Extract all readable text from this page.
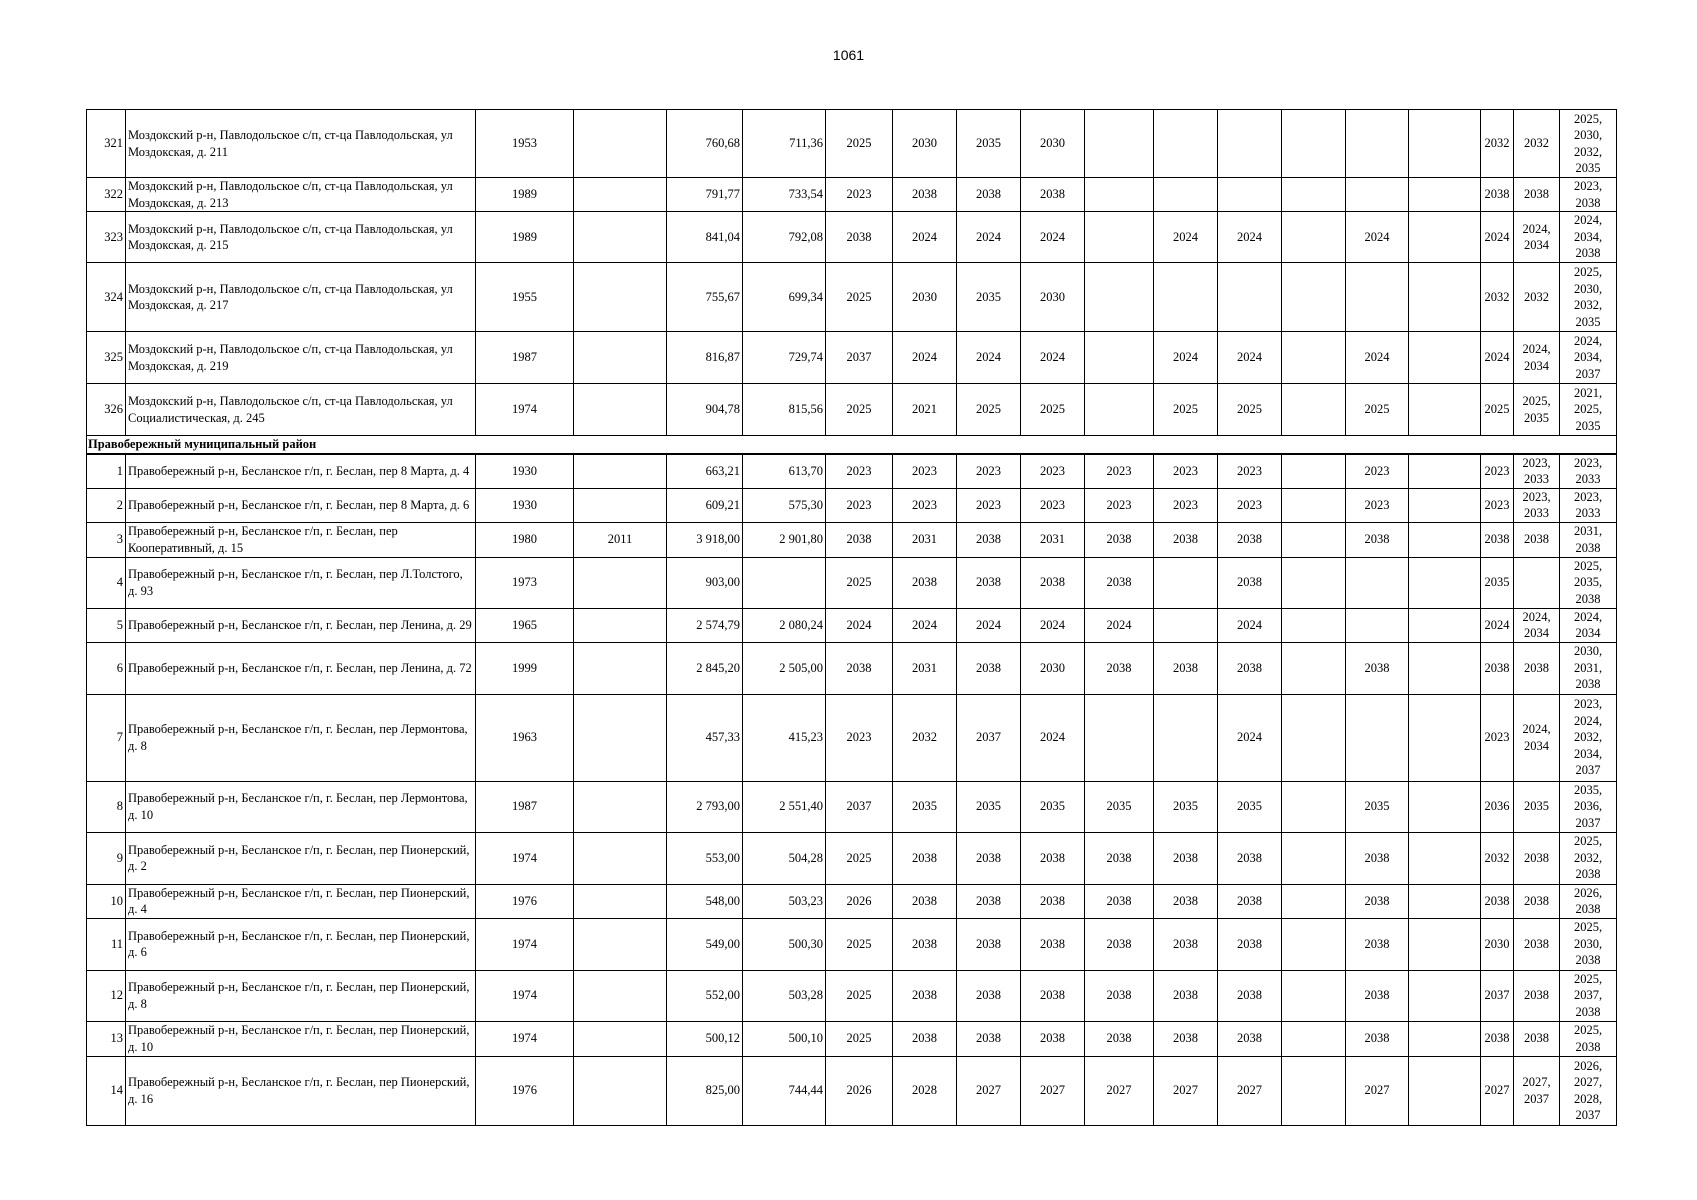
1061
321	Моздокский р-н, Павлодольское с/п, ст-ца Павлодольская, ул Моздокская, д. 211	1953		760,68	711,36	2025	2030	2035	2030							2032	2032	2025, 2030, 2032, 2035
322	Моздокский р-н, Павлодольское с/п, ст-ца Павлодольская, ул Моздокская, д. 213	1989		791,77	733,54	2023	2038	2038	2038							2038	2038	2023, 2038
323	Моздокский р-н, Павлодольское с/п, ст-ца Павлодольская, ул Моздокская, д. 215	1989		841,04	792,08	2038	2024	2024	2024		2024	2024		2024		2024	2024, 2034	2024, 2034, 2038
324	Моздокский р-н, Павлодольское с/п, ст-ца Павлодольская, ул Моздокская, д. 217	1955		755,67	699,34	2025	2030	2035	2030							2032	2032	2025, 2030, 2032, 2035
325	Моздокский р-н, Павлодольское с/п, ст-ца Павлодольская, ул Моздокская, д. 219	1987		816,87	729,74	2037	2024	2024	2024		2024	2024		2024		2024	2024, 2034	2024, 2034, 2037
326	Моздокский р-н, Павлодольское с/п, ст-ца Павлодольская, ул Социалистическая, д. 245	1974		904,78	815,56	2025	2021	2025	2025		2025	2025		2025		2025	2025, 2035	2021, 2025, 2035
Правобережный муниципальный район																		
1	Правобережный р-н, Бесланское г/п, г. Беслан, пер 8 Марта, д. 4	1930		663,21	613,70	2023	2023	2023	2023	2023	2023	2023		2023		2023	2023, 2033	2023, 2033
2	Правобережный р-н, Бесланское г/п, г. Беслан, пер 8 Марта, д. 6	1930		609,21	575,30	2023	2023	2023	2023	2023	2023	2023		2023		2023	2023, 2033	2023, 2033
3	Правобережный р-н, Бесланское г/п, г. Беслан, пер Кооперативный, д. 15	1980	2011	3 918,00	2 901,80	2038	2031	2038	2031	2038	2038	2038		2038		2038	2038	2031, 2038
4	Правобережный р-н, Бесланское г/п, г. Беслан, пер Л.Толстого, д. 93	1973		903,00		2025	2038	2038	2038	2038		2038				2035		2025, 2035, 2038
5	Правобережный р-н, Бесланское г/п, г. Беслан, пер Ленина, д. 29	1965		2 574,79	2 080,24	2024	2024	2024	2024	2024		2024				2024	2024, 2034	2024, 2034
6	Правобережный р-н, Бесланское г/п, г. Беслан, пер Ленина, д. 72	1999		2 845,20	2 505,00	2038	2031	2038	2030	2038	2038	2038		2038		2038	2038	2030, 2031, 2038
7	Правобережный р-н, Бесланское г/п, г. Беслан, пер Лермонтова, д. 8	1963		457,33	415,23	2023	2032	2037	2024			2024				2023	2024, 2034	2023, 2024, 2032, 2034, 2037
8	Правобережный р-н, Бесланское г/п, г. Беслан, пер Лермонтова, д. 10	1987		2 793,00	2 551,40	2037	2035	2035	2035	2035	2035	2035		2035		2036	2035	2035, 2036, 2037
9	Правобережный р-н, Бесланское г/п, г. Беслан, пер Пионерский, д. 2	1974		553,00	504,28	2025	2038	2038	2038	2038	2038	2038		2038		2032	2038	2025, 2032, 2038
10	Правобережный р-н, Бесланское г/п, г. Беслан, пер Пионерский, д. 4	1976		548,00	503,23	2026	2038	2038	2038	2038	2038	2038		2038		2038	2038	2026, 2038
11	Правобережный р-н, Бесланское г/п, г. Беслан, пер Пионерский, д. 6	1974		549,00	500,30	2025	2038	2038	2038	2038	2038	2038		2038		2030	2038	2025, 2030, 2038
12	Правобережный р-н, Бесланское г/п, г. Беслан, пер Пионерский, д. 8	1974		552,00	503,28	2025	2038	2038	2038	2038	2038	2038		2038		2037	2038	2025, 2037, 2038
13	Правобережный р-н, Бесланское г/п, г. Беслан, пер Пионерский, д. 10	1974		500,12	500,10	2025	2038	2038	2038	2038	2038	2038		2038		2038	2038	2025, 2038
14	Правобережный р-н, Бесланское г/п, г. Беслан, пер Пионерский, д. 16	1976		825,00	744,44	2026	2028	2027	2027	2027	2027	2027		2027		2027	2027, 2037	2026, 2027, 2028, 2037
